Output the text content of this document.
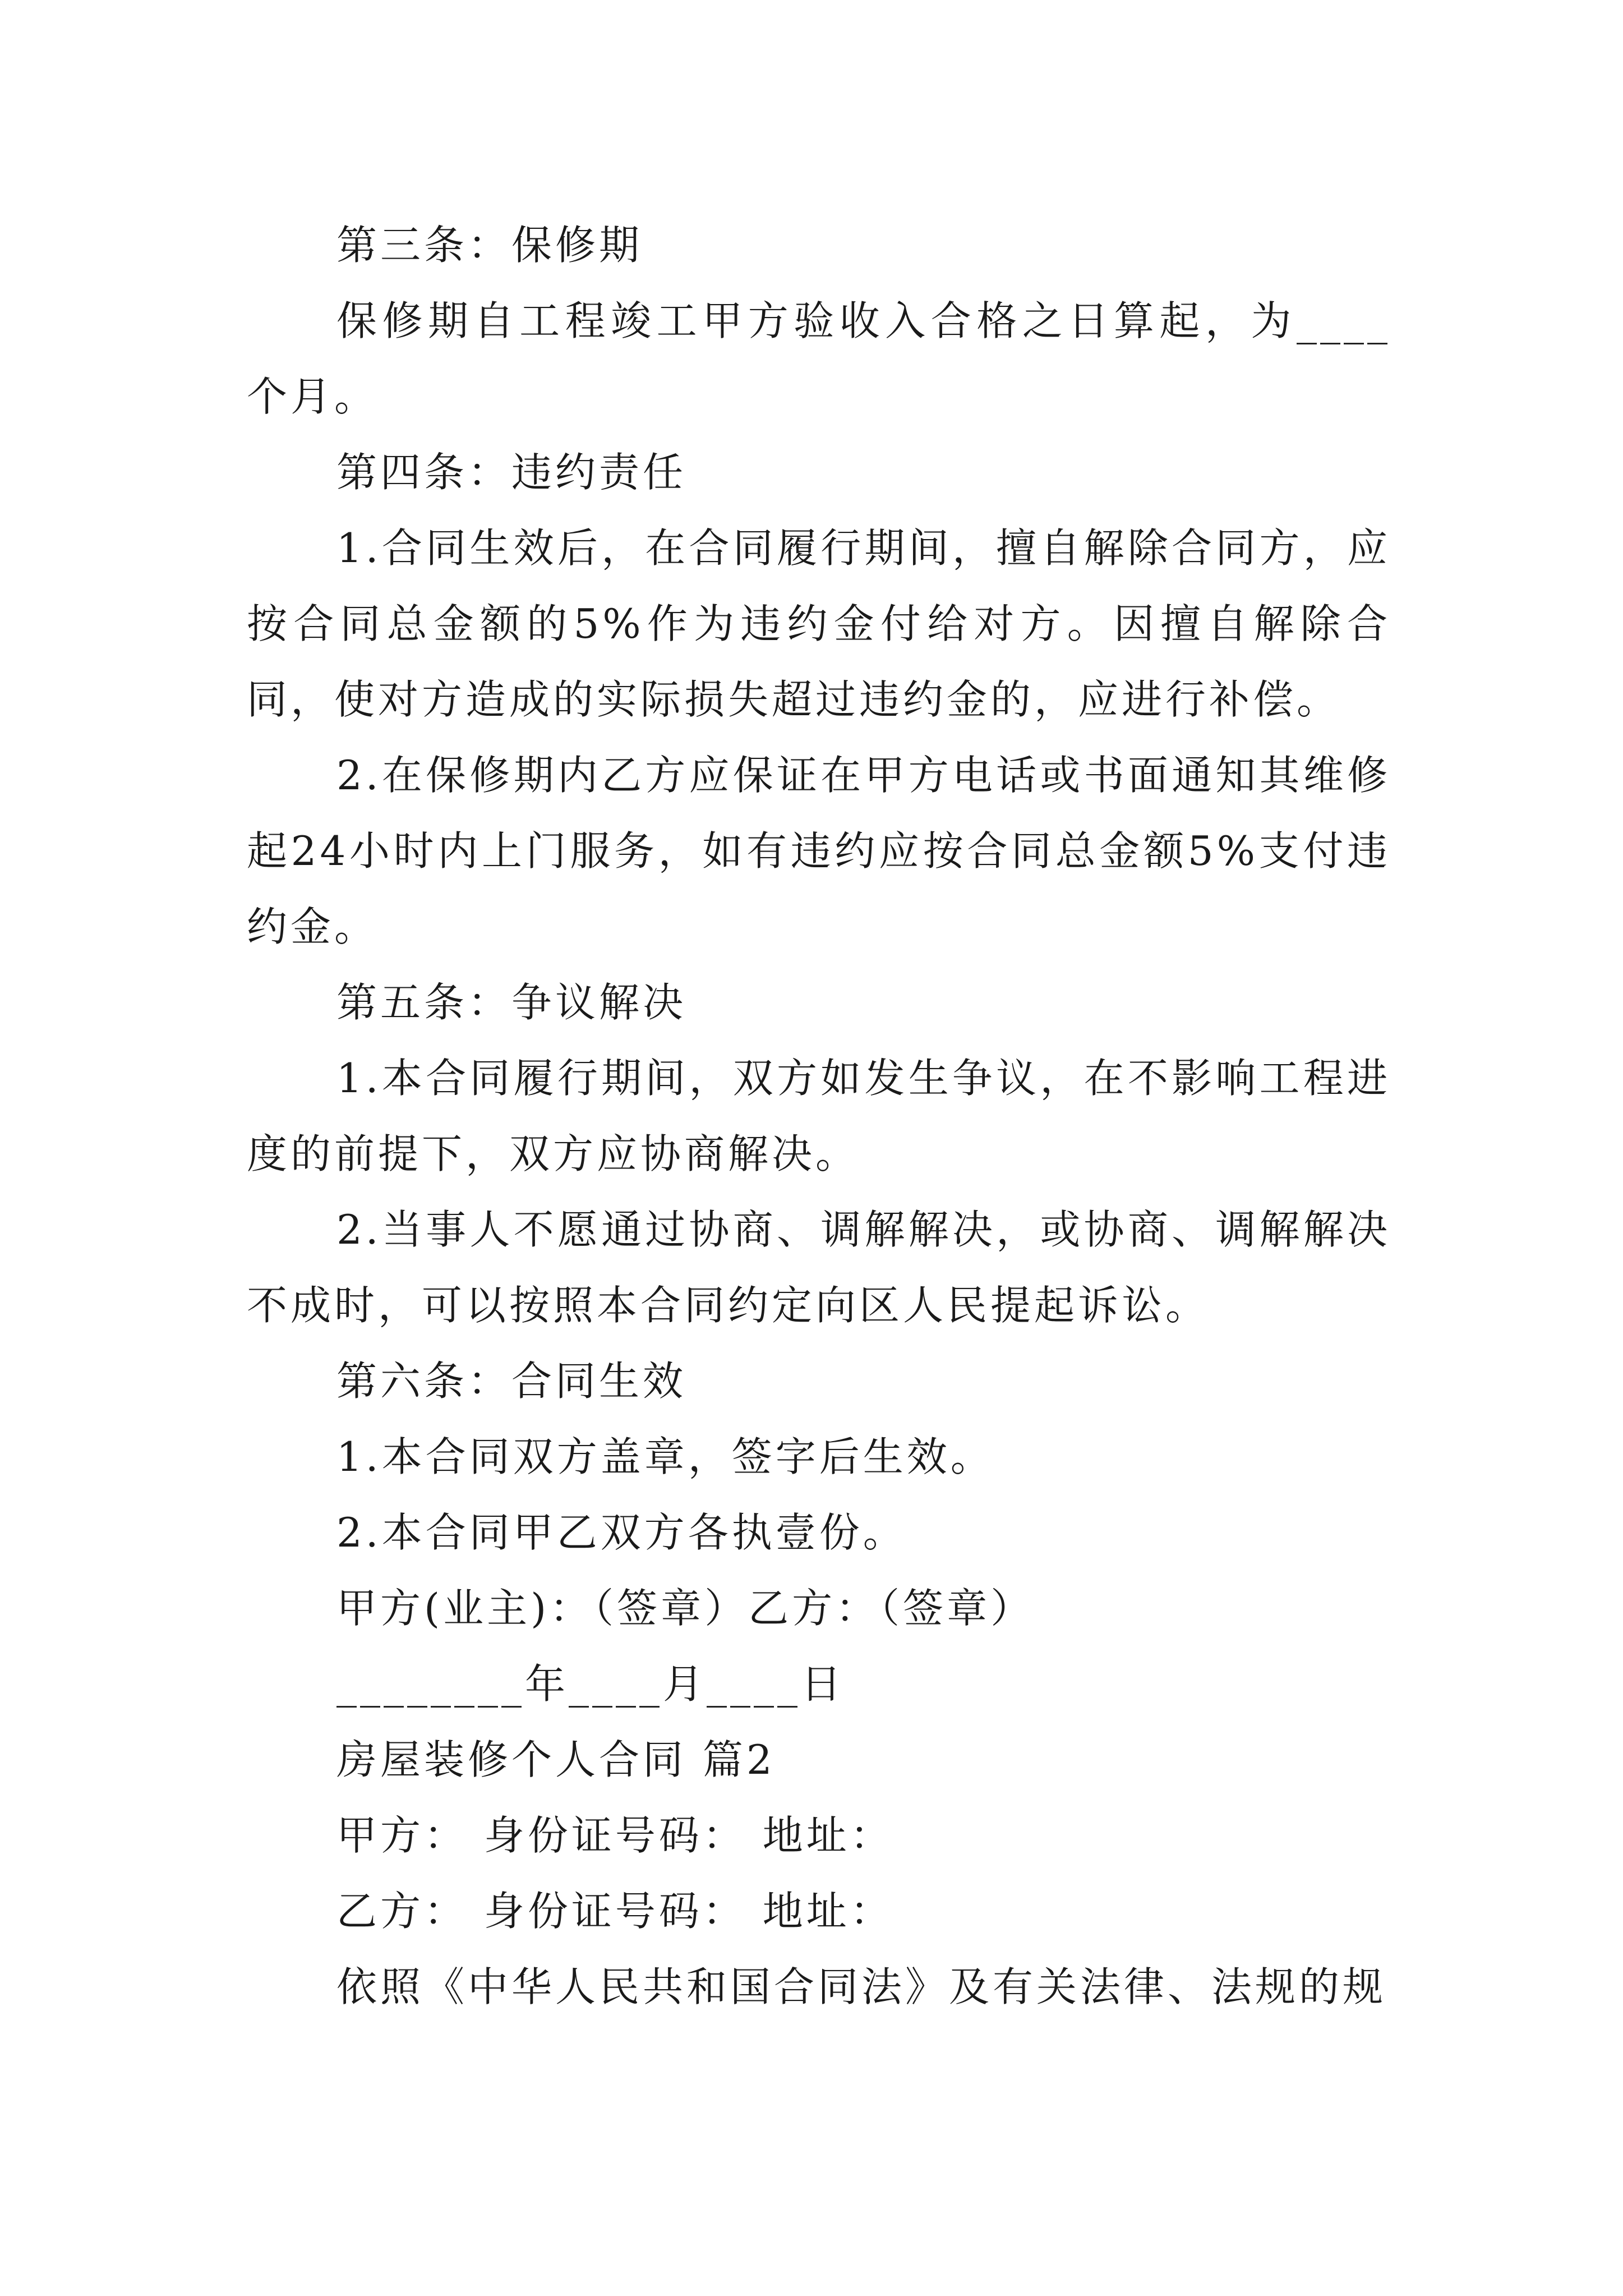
第三条：保修期

保修期自工程竣工甲方验收入合格之日算起，为____个月。

第四条：违约责任

1.合同生效后，在合同履行期间，擅自解除合同方，应按合同总金额的5%作为违约金付给对方。因擅自解除合同，使对方造成的实际损失超过违约金的，应进行补偿。

2.在保修期内乙方应保证在甲方电话或书面通知其维修起24小时内上门服务，如有违约应按合同总金额5%支付违约金。

第五条：争议解决

1.本合同履行期间，双方如发生争议，在不影响工程进度的前提下，双方应协商解决。

2.当事人不愿通过协商、调解解决，或协商、调解解决不成时，可以按照本合同约定向区人民提起诉讼。

第六条：合同生效

1.本合同双方盖章，签字后生效。

2.本合同甲乙双方各执壹份。

甲方(业主)：（签章）乙方：（签章）

________年____月____日

房屋装修个人合同 篇2

甲方： 身份证号码： 地址：

乙方： 身份证号码： 地址：

依照《中华人民共和国合同法》及有关法律、法规的规
